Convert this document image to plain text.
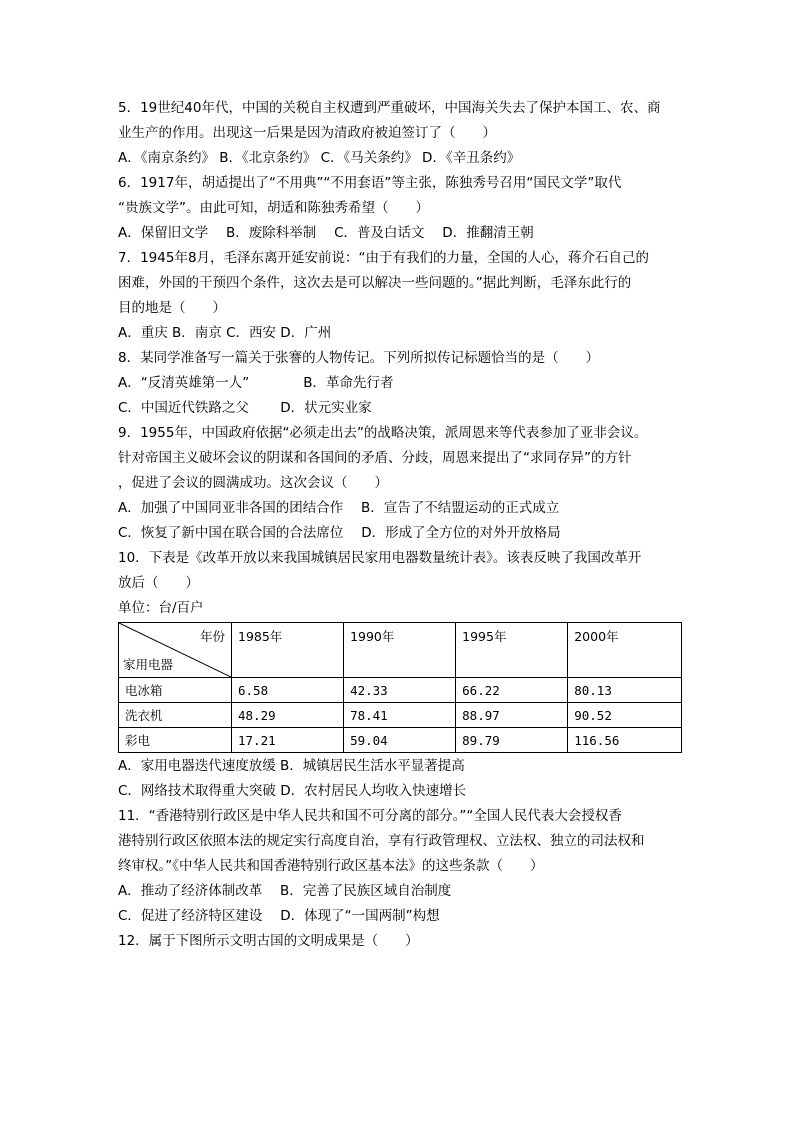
5．19世纪40年代，中国的关税自主权遭到严重破坏，中国海关失去了保护本国工、农、商
业生产的作用。出现这一后果是因为清政府被迫签订了（　　）
A．《南京条约》 B．《北京条约》 C．《马关条约》 D．《辛丑条约》
6．1917年，胡适提出了“不用典”“不用套语”等主张，陈独秀号召用“国民文学”取代
“贵族文学”。由此可知，胡适和陈独秀希望（　　）
A．保留旧文学　 B．废除科举制　 C．普及白话文　 D．推翻清王朝
7．1945年8月，毛泽东离开延安前说：“由于有我们的力量，全国的人心，蒋介石自己的
困难，外国的干预四个条件，这次去是可以解决一些问题的。”据此判断，毛泽东此行的
目的地是（　　）
A．重庆 B．南京 C．西安 D．广州
8．某同学准备写一篇关于张謇的人物传记。下列所拟传记标题恰当的是（　　）
A．“反清英雄第一人”　　　　B．革命先行者
C．中国近代铁路之父　　 D．状元实业家
9．1955年，中国政府依据“必须走出去”的战略决策，派周恩来等代表参加了亚非会议。
针对帝国主义破坏会议的阴谋和各国间的矛盾、分歧，周恩来提出了“求同存异”的方针
，促进了会议的圆满成功。这次会议（　　）
A．加强了中国同亚非各国的团结合作　 B．宣告了不结盟运动的正式成立
C．恢复了新中国在联合国的合法席位　 D．形成了全方位的对外开放格局
10．下表是《改革开放以来我国城镇居民家用电器数量统计表》。该表反映了我国改革开
放后（　　）
单位：台/百户
年份
家用电器	1985年	1990年	1995年	2000年
电冰箱	6.58	42.33	66.22	80.13
洗衣机	48.29	78.41	88.97	90.52
彩电	17.21	59.04	89.79	116.56
A．家用电器迭代速度放缓 B．城镇居民生活水平显著提高
C．网络技术取得重大突破 D．农村居民人均收入快速增长
11．“香港特别行政区是中华人民共和国不可分离的部分。”“全国人民代表大会授权香
港特别行政区依照本法的规定实行高度自治，享有行政管理权、立法权、独立的司法权和
终审权。”《中华人民共和国香港特别行政区基本法》的这些条款（　　）
A．推动了经济体制改革　 B．完善了民族区域自治制度
C．促进了经济特区建设　 D．体现了“一国两制”构想
12．属于下图所示文明古国的文明成果是（　　）
